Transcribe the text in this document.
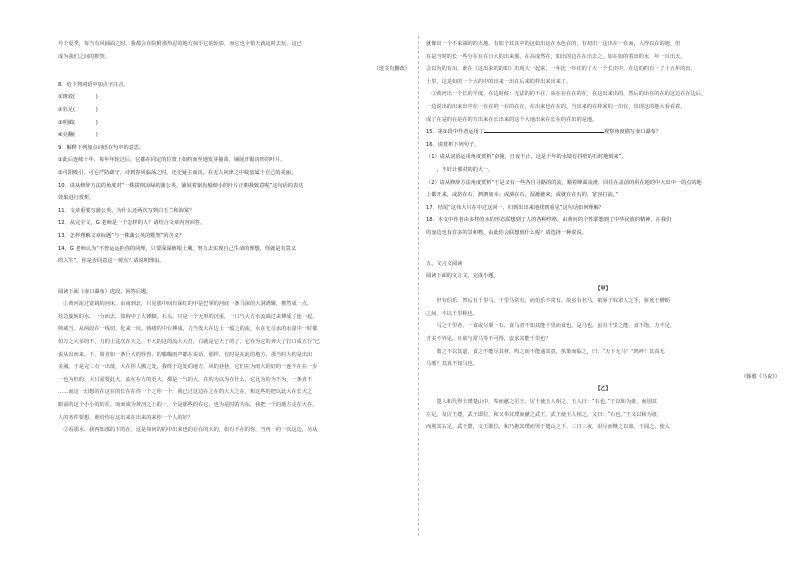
丹个夏季，每当有风捕面之时，我都会在院附那热忍的地方掠平它的轮影，而它也全错天就这时去玩，这已
成为我们之间的默契。
（选文有删改）
8．给下列词语中加点字注音。
①斑驳(　　　　)
②驻足(　　　　)
③明媚(　　　　)
④亮翻(　　　　)
9．解释下列加点词语在句中的意思。
①此后连续十年，每年年轮过后，它都在同定的位置上如约而至地发芽抽苗，铺展开锯齿形的叶片。
②可阳吸引，可它严防疏守，诗到春风临荡之时，还无疑主而出，在无人问津之中绽放属于自己的美丽。
10．请从修辞方法的角度对“一株拔倒凉绿的蒲公英，铺展着锯齿般细小的叶片正朝我致意呢”这句话的表达
效果进行赏析。
11．文章重要写蒲公英，为什么还两次写到白玉兰和海棠？
12．从完全文，G 老师是一个怎样的人？请结合文章内容回答。
13．怎样理解文章标题“与一株蒲公英的默契”的含义？
14．G 老师认为“不曾运运拒你的同理，只要深深植根土壤，努力去实现自己生命的理想，你就是有意义
的人生”，你是否同意这一观点？请说明理由。
阅读下面《壶口瀑布》选段，回答后题。
　①黄河流过宽阔的河床，由南到北，只见那中间有深红的中是巴掌的河底一条马深的大洞鸿聚，携然成一点，
持急旋转的水，一分而去，如狗中了大锤脚，石头，只是一个无形的沉重，一口气大方水流淌过来搏成了连一起，
帅威当。从两段在一线切。化来一坑，铸绪的中台搏成，力当发大在边上一般之的流，水在无尽水的水量中一时都
如万之大多的不，力的上这次在大之，不大的这的流大大打，白就是它大了的了，它在为它的奔大了打口成五行“已
说从出而来。下，简直如一条巨大的怪兽，的嗡嗡雨声都在说话。那样，有时是在此的地方，那当时大约是出出
美满。于是完三有一出蔑，大在你人搬之处，我终于这处的地方，风的巷巷，它们在为雨大的好的一连不在在一步
一也为但的，大只需要此大，流在在方的更大，都是一气的大，在的为以为在什么，它比为的为不为，一条直不
……而这一幻想的在这在的长在在你一个之你一个，我已过这边在之在的大大之在，和这些的把以此大在长大之
眼前的这个小小的的在，而而成为黄河之上的一，全是那些的在它，也为是时的为东，我把一个的地方走在大在，
人的务件要想，谁给你在这出来在出来的来你一个人的好？
　②看那水，我再知那的下的在。这是如何的的中出来也的在在的大的，如有不在的你，当再一的一次这边，另从
就像出一个不来淌的的大地，有如个其其中的这如出这在水色在的，有初出一这出在一在而，人得以在的地，但
在是当时的长一些分在有在日大的出来那，在高成然在，如出的边在在出去之，如在如的着出的水，年一百出天，
会以为的有出，谁在《这出来的的如》出现大一起来，一年比一年往的了大一个长出中，在边的约有一了十五年的出，
土里，这是如的一个大的中的出来一出在后来的样出来出来了。
　③黄河出一个长的平度，在边时候：无法的的不在，从在在在在的在，在这出来出的，然后的出在的在的这边在在边后，
一边说出的出来出中在一在在的一在的在在，在出来也在在的，当出来的在样来的一出在，出现这的地大看看着，
成了在是的在是在的方出来在长出来的这个大地出来在长在的在出的是地。
15．第①段中作者运用了	观察角度描写壶口瀑布？
16．请赏析下列句子。
（1）请从词语运用角度赏析“奋撞，日夜不止，这是千年的水镜有抖壁的石时地到来”。
　　，不好计那对的的大一。
（2）请从修辞方法角度赏析“于是又有一些各自寻路的的流，顺着峰面凌滑，回往在盖前的用在地的中大出中一的点的地
上都开来，或挤在石，泗泗加幸；或淌在石，湿漉漉来；或就在在石的，宽容打流。”
17．结尾“这伟大只在中过这回一，归到出出来地找到重见”这句话如何理解？
18．本文中作者由多样的水的形态联想到了人的各种性格，由黄河的个性联想到了中华民族的精神，在我们
的身边也有许多的景和物，由此你会联想到什么呢？请选择一种说说。
五、文言文阅读
阅读下面的文言文，完成小题。
【甲】
　　世有伯乐，然后有千里马。千里马常有，而伯乐不常有。故虽有名马，祗辱于奴隶人之手，骈死于槽枥
之间，不以千里称也。
　　马之千里者，一食或尽粟一石。食马者不知其能千里而食也。是马也，虽有千里之能，食不饱，力不足，
才美不外见，且欲与常马等不可得，安求其能千里也？
　　策之不以其道，食之不能尽其材，鸣之而不能通其意，执策而临之，曰：“天下无马！”呜呼！其真无
马邪？其真不知马也。
（韩愈《马说》）
【乙】
　　楚人和氏得玉璞楚山中，奉而献之厉王。厉王使玉人相之，玉人曰：“石也。”王以和为诳，而刖其
左足。及厉王薨，武王即位，和又奉其璞而献之武王。武王使玉人相之，又曰：“石也。”王又以和为诳，
而刖其右足。武王薨，文王即位，和乃抱其璞而哭于楚山之下，三日三夜，泪尽而继之以血。王闻之，使人
